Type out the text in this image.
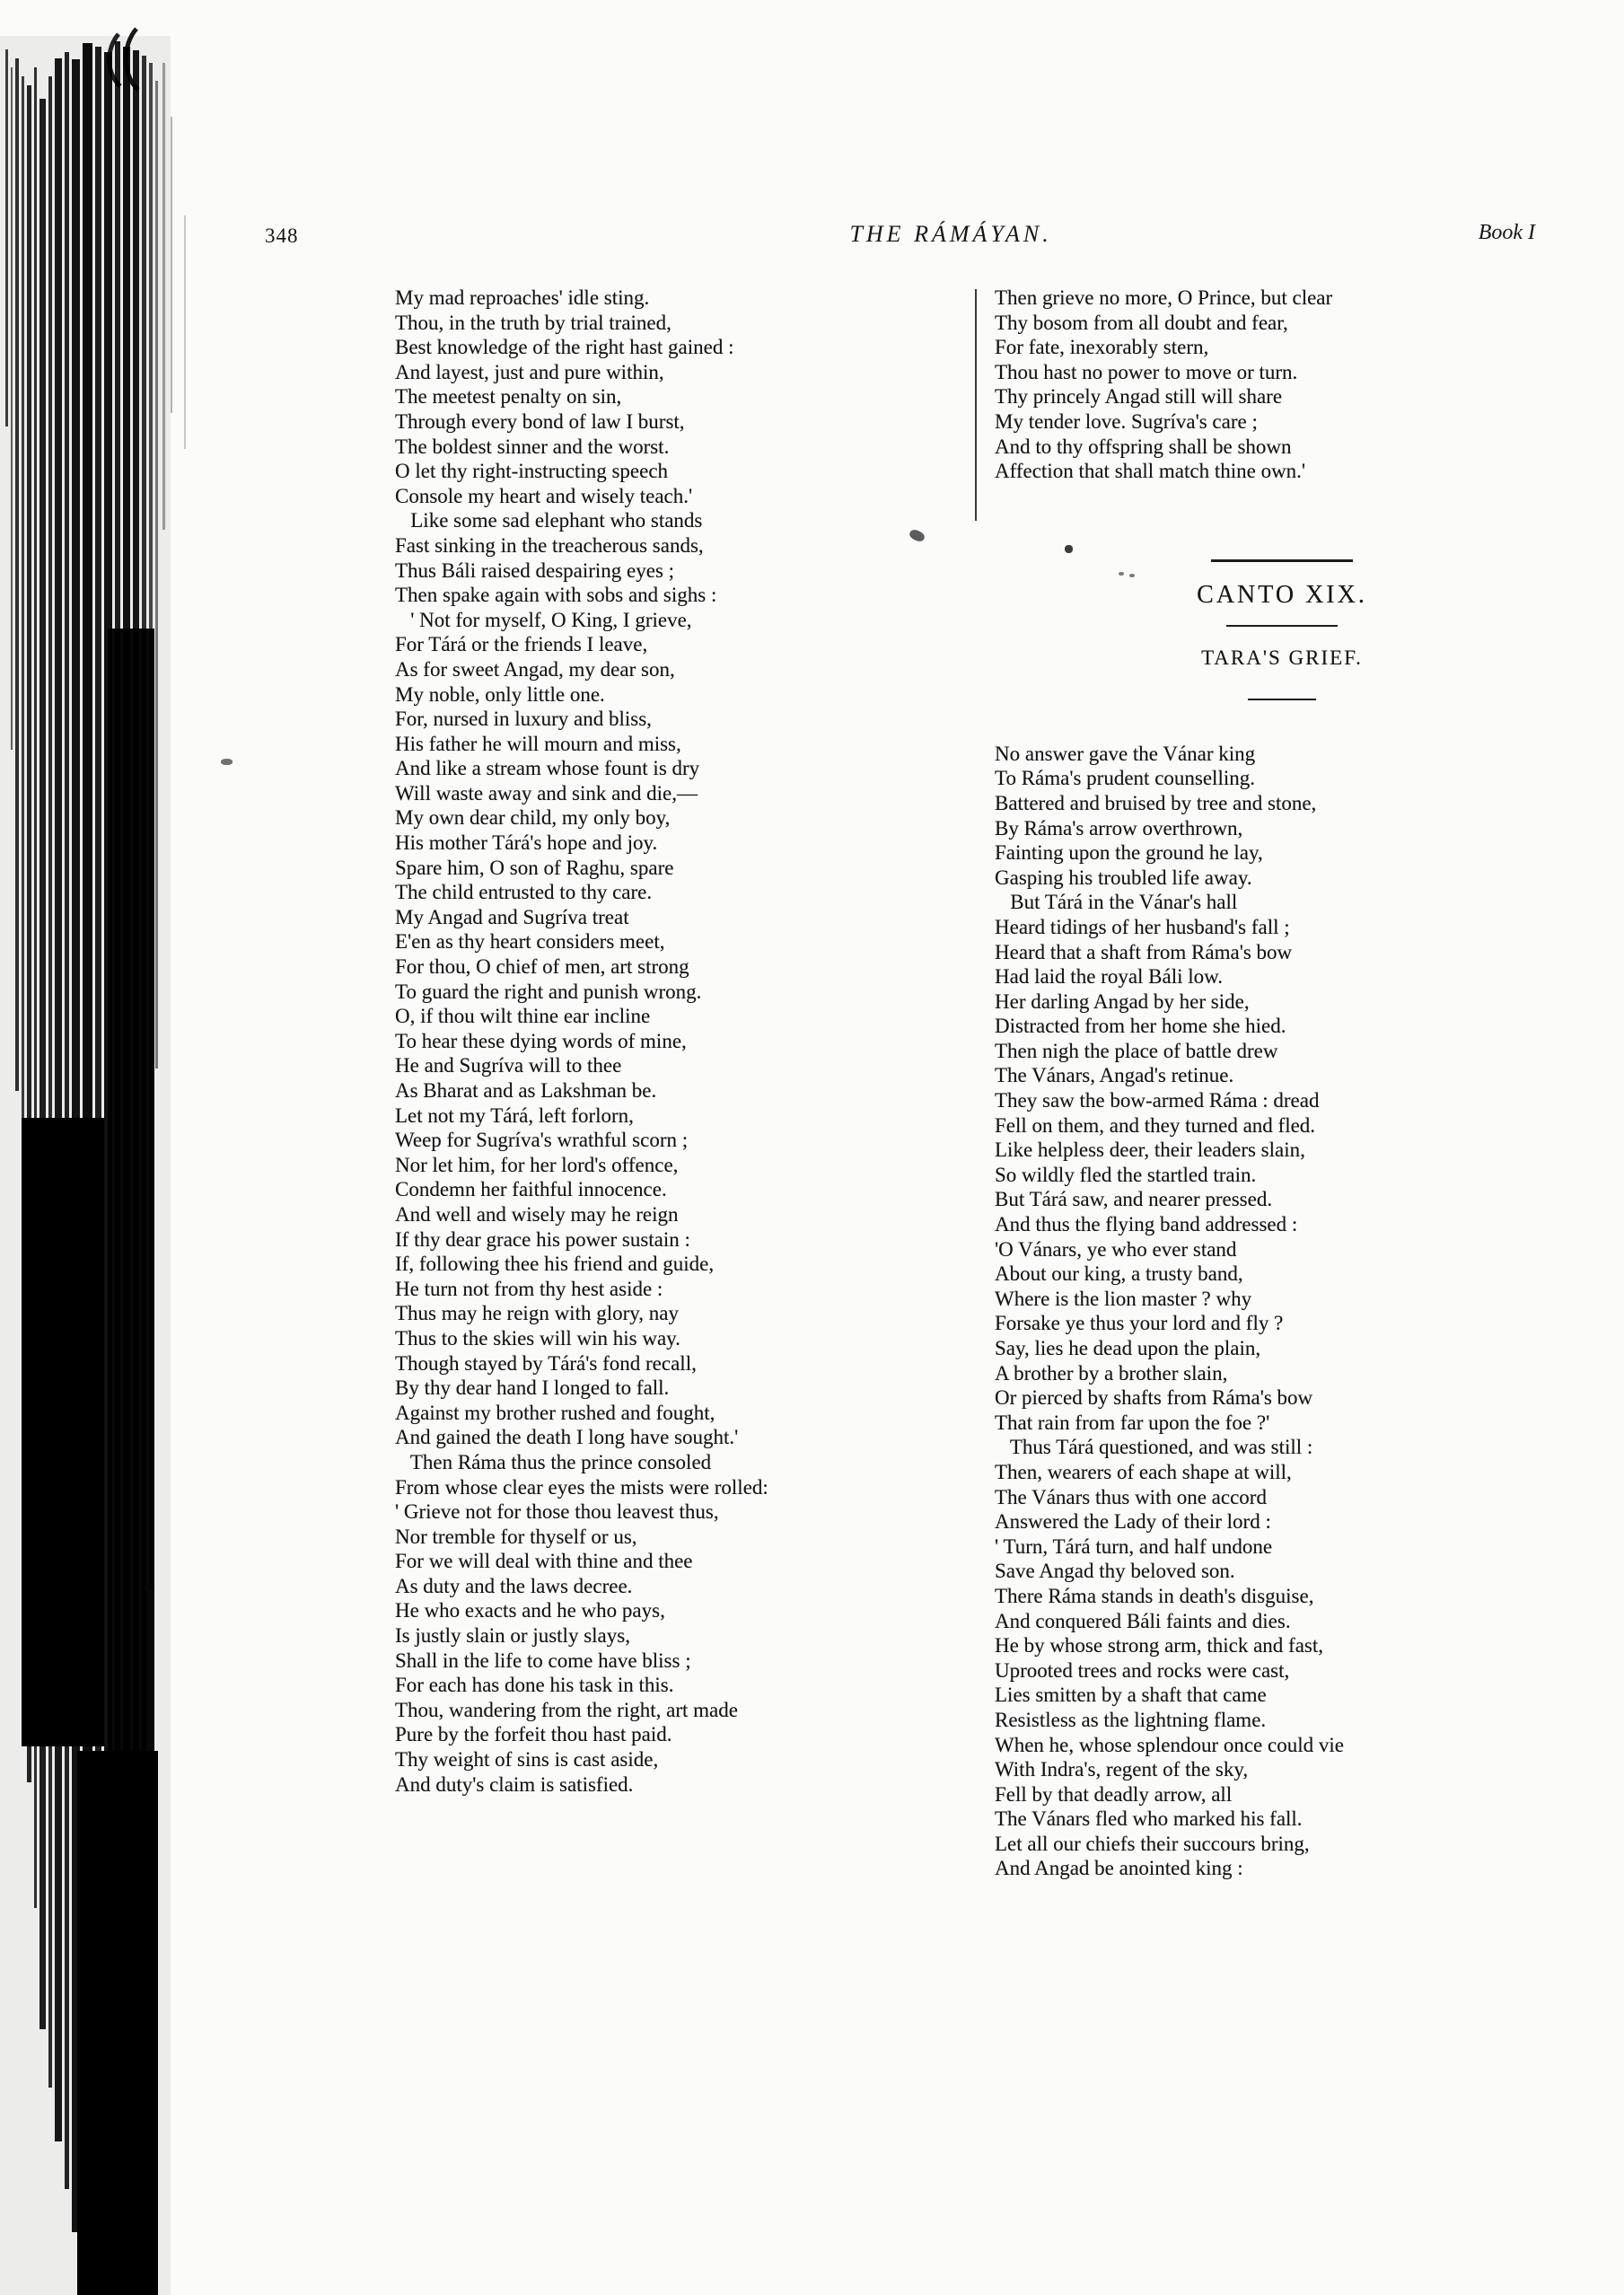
348	THE RÁMÁYAN.	Book I
My mad reproaches' idle sting.
Thou, in the truth by trial trained,
Best knowledge of the right hast gained :
And layest, just and pure within,
The meetest penalty on sin,
Through every bond of law I burst,
The boldest sinner and the worst.
O let thy right-instructing speech
Console my heart and wisely teach.'
Like some sad elephant who stands
Fast sinking in the treacherous sands,
Thus Báli raised despairing eyes ;
Then spake again with sobs and sighs :
' Not for myself, O King, I grieve,
For Tárá or the friends I leave,
As for sweet Angad, my dear son,
My noble, only little one.
For, nursed in luxury and bliss,
His father he will mourn and miss,
And like a stream whose fount is dry
Will waste away and sink and die,—
My own dear child, my only boy,
His mother Tárá's hope and joy.
Spare him, O son of Raghu, spare
The child entrusted to thy care.
My Angad and Sugríva treat
E'en as thy heart considers meet,
For thou, O chief of men, art strong
To guard the right and punish wrong.
O, if thou wilt thine ear incline
To hear these dying words of mine,
He and Sugríva will to thee
As Bharat and as Lakshman be.
Let not my Tárá, left forlorn,
Weep for Sugríva's wrathful scorn ;
Nor let him, for her lord's offence,
Condemn her faithful innocence.
And well and wisely may he reign
If thy dear grace his power sustain :
If, following thee his friend and guide,
He turn not from thy hest aside :
Thus may he reign with glory, nay
Thus to the skies will win his way.
Though stayed by Tárá's fond recall,
By thy dear hand I longed to fall.
Against my brother rushed and fought,
And gained the death I long have sought.'
Then Ráma thus the prince consoled
From whose clear eyes the mists were rolled:
' Grieve not for those thou leavest thus,
Nor tremble for thyself or us,
For we will deal with thine and thee
As duty and the laws decree.
He who exacts and he who pays,
Is justly slain or justly slays,
Shall in the life to come have bliss ;
For each has done his task in this.
Thou, wandering from the right, art made
Pure by the forfeit thou hast paid.
Thy weight of sins is cast aside,
And duty's claim is satisfied.
Then grieve no more, O Prince, but clear
Thy bosom from all doubt and fear,
For fate, inexorably stern,
Thou hast no power to move or turn.
Thy princely Angad still will share
My tender love. Sugríva's care ;
And to thy offspring shall be shown
Affection that shall match thine own.'
CANTO XIX.
TARA'S GRIEF.
No answer gave the Vánar king
To Ráma's prudent counselling.
Battered and bruised by tree and stone,
By Ráma's arrow overthrown,
Fainting upon the ground he lay,
Gasping his troubled life away.
But Tárá in the Vánar's hall
Heard tidings of her husband's fall ;
Heard that a shaft from Ráma's bow
Had laid the royal Báli low.
Her darling Angad by her side,
Distracted from her home she hied.
Then nigh the place of battle drew
The Vánars, Angad's retinue.
They saw the bow-armed Ráma : dread
Fell on them, and they turned and fled.
Like helpless deer, their leaders slain,
So wildly fled the startled train.
But Tárá saw, and nearer pressed.
And thus the flying band addressed :
'O Vánars, ye who ever stand
About our king, a trusty band,
Where is the lion master ? why
Forsake ye thus your lord and fly ?
Say, lies he dead upon the plain,
A brother by a brother slain,
Or pierced by shafts from Ráma's bow
That rain from far upon the foe ?'
Thus Tárá questioned, and was still :
Then, wearers of each shape at will,
The Vánars thus with one accord
Answered the Lady of their lord :
' Turn, Tárá turn, and half undone
Save Angad thy beloved son.
There Ráma stands in death's disguise,
And conquered Báli faints and dies.
He by whose strong arm, thick and fast,
Uprooted trees and rocks were cast,
Lies smitten by a shaft that came
Resistless as the lightning flame.
When he, whose splendour once could vie
With Indra's, regent of the sky,
Fell by that deadly arrow, all
The Vánars fled who marked his fall.
Let all our chiefs their succours bring,
And Angad be anointed king :
